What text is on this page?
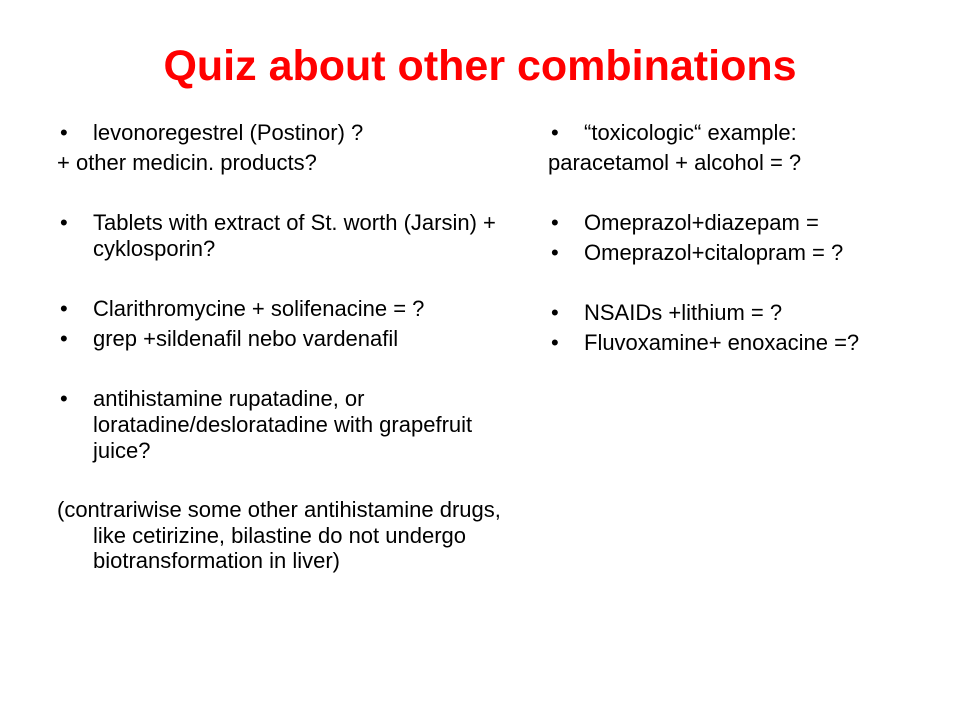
Quiz about other combinations
• levonoregestrel (Postinor) ?
+ other medicin. products?
• Tablets with extract of St. worth (Jarsin) + cyklosporin?
• Clarithromycine + solifenacine = ?
• grep +sildenafil nebo vardenafil
• antihistamine rupatadine, or loratadine/desloratadine with grapefruit juice?
(contrariwise some other antihistamine drugs, like cetirizine, bilastine do not undergo biotransformation in liver)
• “toxicologic“ example:
paracetamol + alcohol = ?
• Omeprazol+diazepam =
• Omeprazol+citalopram = ?
• NSAIDs +lithium = ?
• Fluvoxamine+ enoxacine =?
